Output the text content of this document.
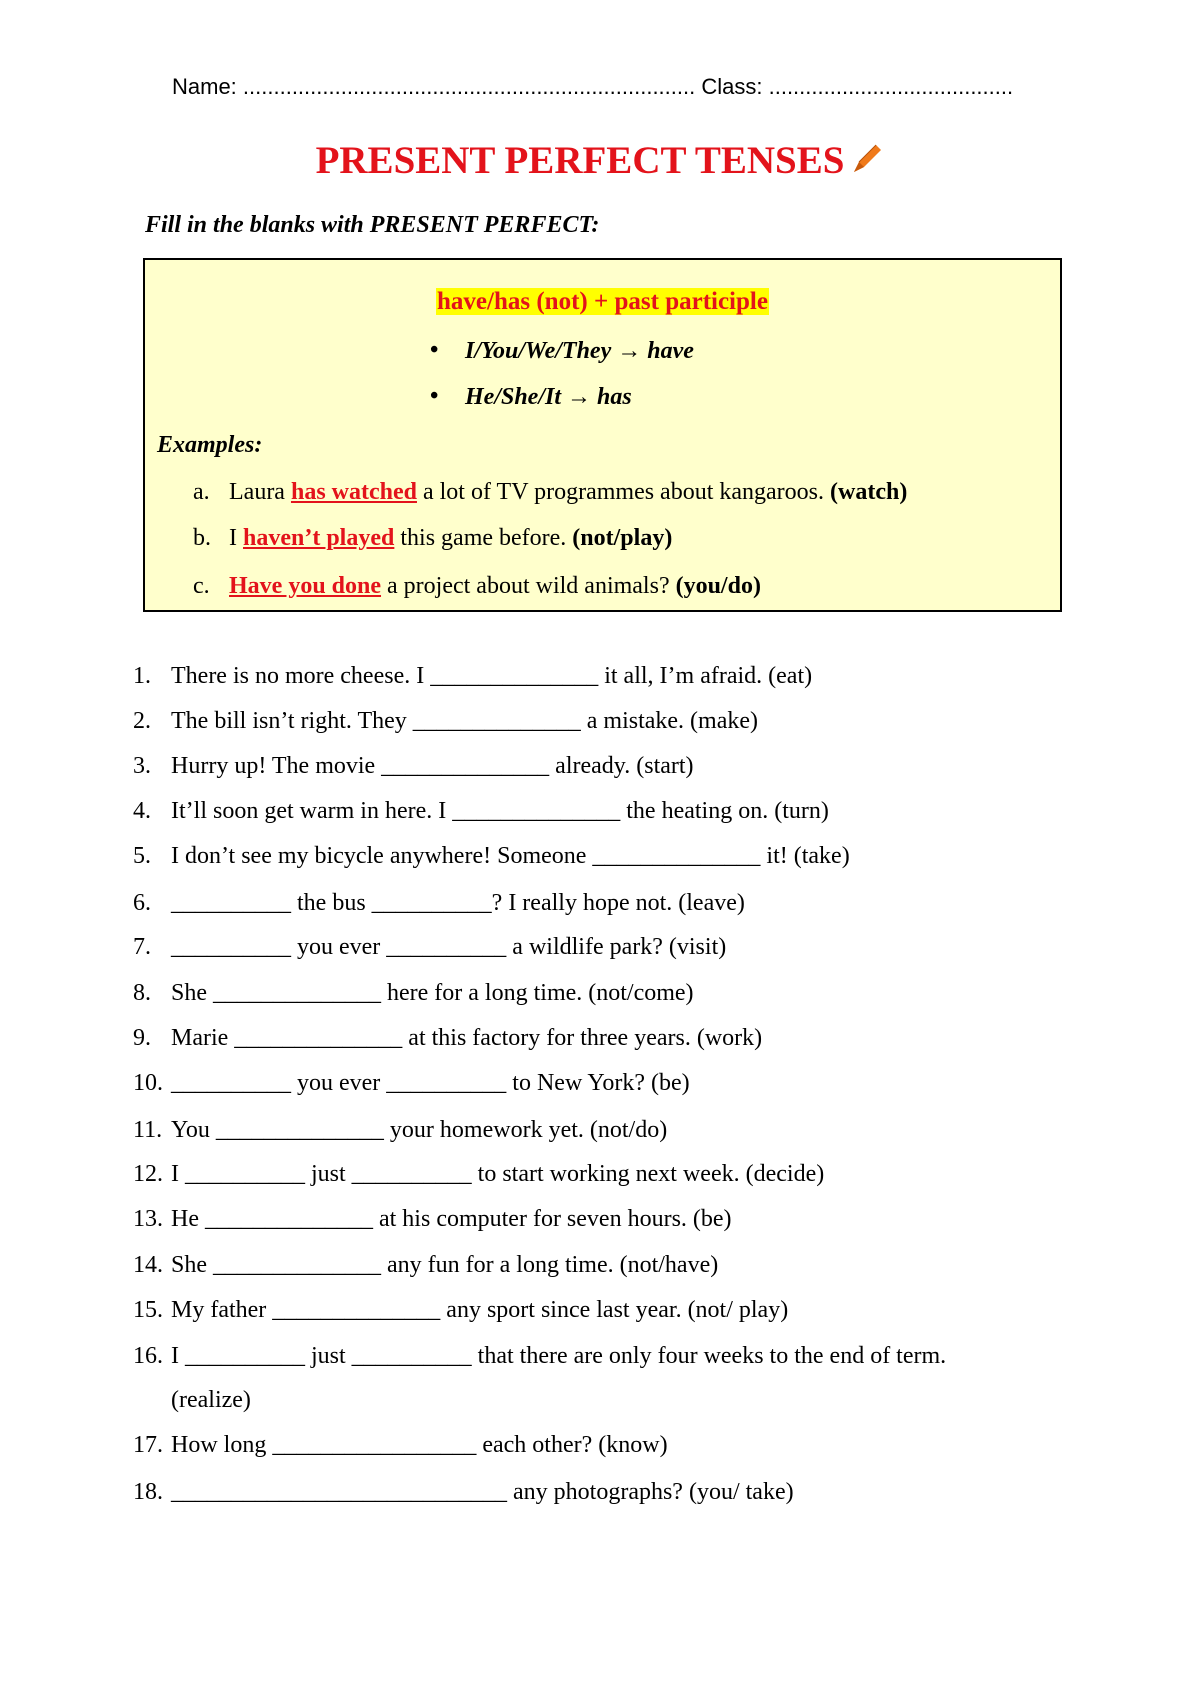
Name: .......................................................................... Class: ........................................
PRESENT PERFECT TENSES
Fill in the blanks with PRESENT PERFECT:
have/has (not) + past participle
• I/You/We/They → have
• He/She/It → has
Examples:
a. Laura has watched a lot of TV programmes about kangaroos. (watch)
b. I haven’t played this game before. (not/play)
c. Have you done a project about wild animals? (you/do)
1. There is no more cheese. I ______________ it all, I’m afraid. (eat)
2. The bill isn’t right. They ______________ a mistake. (make)
3. Hurry up! The movie ______________ already. (start)
4. It’ll soon get warm in here. I ______________ the heating on. (turn)
5. I don’t see my bicycle anywhere! Someone ______________ it! (take)
6. __________ the bus __________? I really hope not. (leave)
7. __________ you ever __________ a wildlife park? (visit)
8. She ______________ here for a long time. (not/come)
9. Marie ______________ at this factory for three years. (work)
10. __________ you ever __________ to New York? (be)
11. You ______________ your homework yet. (not/do)
12. I __________ just __________ to start working next week. (decide)
13. He ______________ at his computer for seven hours. (be)
14. She ______________ any fun for a long time. (not/have)
15. My father ______________ any sport since last year. (not/ play)
16. I __________ just __________ that there are only four weeks to the end of term.
(realize)
17. How long _________________ each other? (know)
18. ____________________________ any photographs? (you/ take)
